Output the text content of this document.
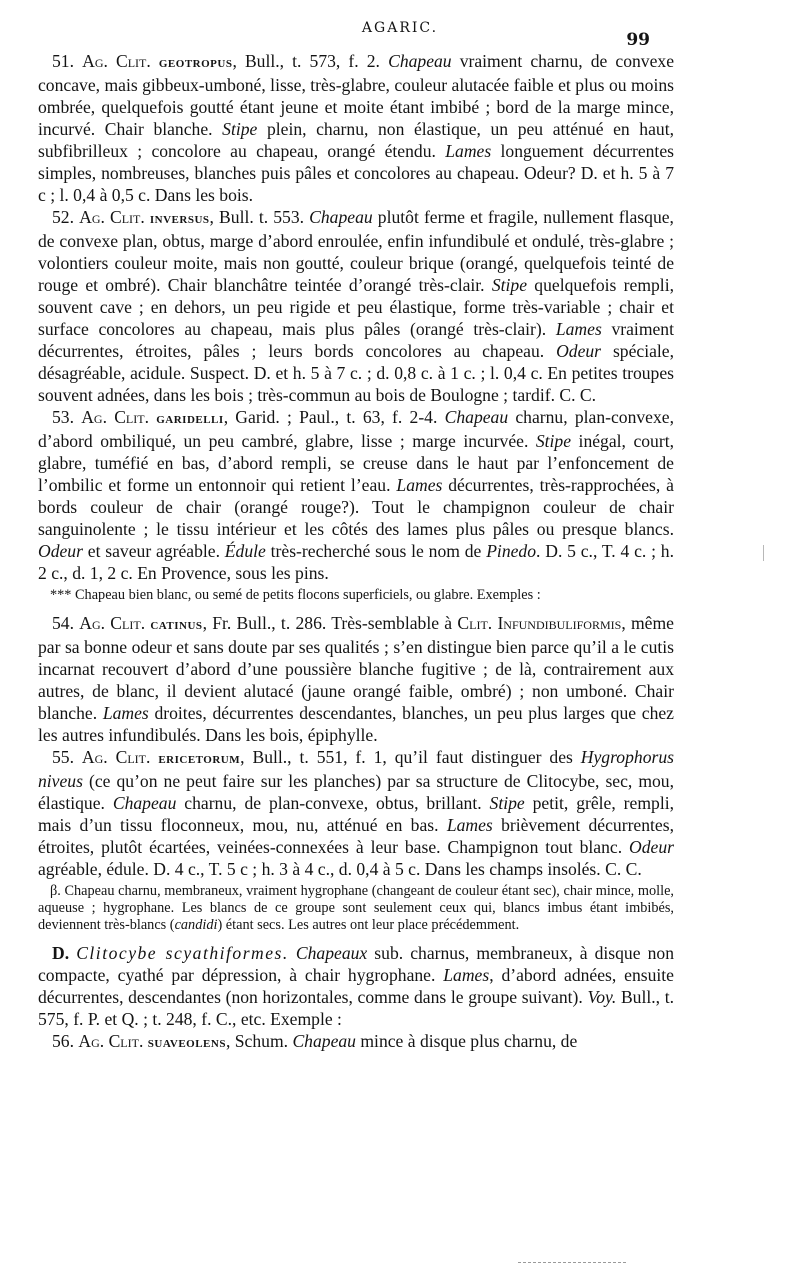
AGARIC.
99

51. Ag. Clit. geotropus, Bull., t. 573, f. 2. Chapeau vraiment charnu, de convexe concave, mais gibbeux-umboné, lisse, très-glabre, couleur alutacée faible et plus ou moins ombrée, quelquefois goutté étant jeune et moite étant imbibé ; bord de la marge mince, incurvé. Chair blanche. Stipe plein, charnu, non élastique, un peu atténué en haut, subfibrilleux ; concolore au chapeau, orangé étendu. Lames longuement décurrentes simples, nombreuses, blanches puis pâles et concolores au chapeau. Odeur? D. et h. 5 à 7 c ; l. 0,4 à 0,5 c. Dans les bois.

52. Ag. Clit. inversus, Bull. t. 553. Chapeau plutôt ferme et fragile, nullement flasque, de convexe plan, obtus, marge d’abord enroulée, enfin infundibulé et ondulé, très-glabre ; volontiers couleur moite, mais non goutté, couleur brique (orangé, quelquefois teinté de rouge et ombré). Chair blanchâtre teintée d’orangé très-clair. Stipe quelquefois rempli, souvent cave ; en dehors, un peu rigide et peu élastique, forme très-variable ; chair et surface concolores au chapeau, mais plus pâles (orangé très-clair). Lames vraiment décurrentes, étroites, pâles ; leurs bords concolores au chapeau. Odeur spéciale, désagréable, acidule. Suspect. D. et h. 5 à 7 c. ; d. 0,8 c. à 1 c. ; l. 0,4 c. En petites troupes souvent adnées, dans les bois ; très-commun au bois de Boulogne ; tardif. C. C.

53. Ag. Clit. garidelli, Garid. ; Paul., t. 63, f. 2-4. Chapeau charnu, plan-convexe, d’abord ombiliqué, un peu cambré, glabre, lisse ; marge incurvée. Stipe inégal, court, glabre, tuméfié en bas, d’abord rempli, se creuse dans le haut par l’enfoncement de l’ombilic et forme un entonnoir qui retient l’eau. Lames décurrentes, très-rapprochées, à bords couleur de chair (orangé rouge?). Tout le champignon couleur de chair sanguinolente ; le tissu intérieur et les côtés des lames plus pâles ou presque blancs. Odeur et saveur agréable. Édule très-recherché sous le nom de Pinedo. D. 5 c., T. 4 c. ; h. 2 c., d. 1, 2 c. En Provence, sous les pins.

*** Chapeau bien blanc, ou semé de petits flocons superficiels, ou glabre. Exemples :

54. Ag. Clit. catinus, Fr. Bull., t. 286. Très-semblable à Clit. Infundibuliformis, même par sa bonne odeur et sans doute par ses qualités ; s’en distingue bien parce qu’il a le cutis incarnat recouvert d’abord d’une poussière blanche fugitive ; de là, contrairement aux autres, de blanc, il devient alutacé (jaune orangé faible, ombré) ; non umboné. Chair blanche. Lames droites, décurrentes descendantes, blanches, un peu plus larges que chez les autres infundibulés. Dans les bois, épiphylle.

55. Ag. Clit. ericetorum, Bull., t. 551, f. 1, qu’il faut distinguer des Hygrophorus niveus (ce qu’on ne peut faire sur les planches) par sa structure de Clitocybe, sec, mou, élastique. Chapeau charnu, de plan-convexe, obtus, brillant. Stipe petit, grêle, rempli, mais d’un tissu floconneux, mou, nu, atténué en bas. Lames brièvement décurrentes, étroites, plutôt écartées, veinées-connexées à leur base. Champignon tout blanc. Odeur agréable, édule. D. 4 c., T. 5 c ; h. 3 à 4 c., d. 0,4 à 5 c. Dans les champs insolés. C. C.

β. Chapeau charnu, membraneux, vraiment hygrophane (changeant de couleur étant sec), chair mince, molle, aqueuse ; hygrophane. Les blancs de ce groupe sont seulement ceux qui, blancs imbus étant imbibés, deviennent très-blancs (candidi) étant secs. Les autres ont leur place précédemment.

D. Clitocybe scyathiformes. Chapeaux sub. charnus, membraneux, à disque non compacte, cyathé par dépression, à chair hygrophane. Lames, d’abord adnées, ensuite décurrentes, descendantes (non horizontales, comme dans le groupe suivant). Voy. Bull., t. 575, f. P. et Q. ; t. 248, f. C., etc. Exemple :

56. Ag. Clit. suaveolens, Schum. Chapeau mince à disque plus charnu, de
